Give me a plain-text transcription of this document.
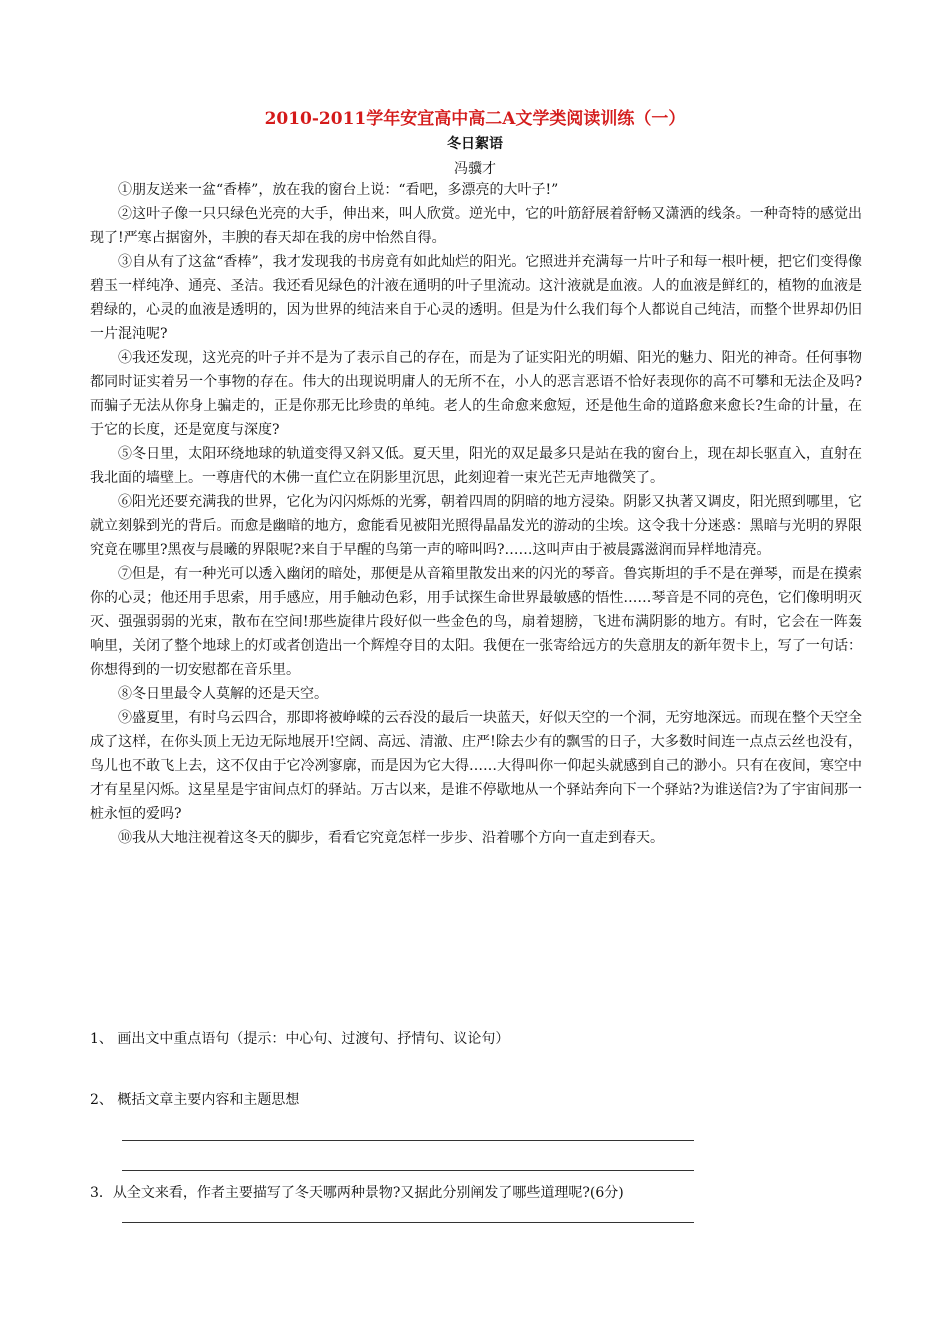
2010-2011学年安宜高中高二A文学类阅读训练（一）
冬日絮语
冯骥才

①朋友送来一盆“香棒”，放在我的窗台上说：“看吧，多漂亮的大叶子!”

②这叶子像一只只绿色光亮的大手，伸出来，叫人欣赏。逆光中，它的叶筋舒展着舒畅又潇洒的线条。一种奇特的感觉出现了!严寒占据窗外，丰腴的春天却在我的房中怡然自得。

③自从有了这盆“香棒”，我才发现我的书房竟有如此灿烂的阳光。它照进并充满每一片叶子和每一根叶梗，把它们变得像碧玉一样纯净、通亮、圣洁。我还看见绿色的汁液在通明的叶子里流动。这汁液就是血液。人的血液是鲜红的，植物的血液是碧绿的，心灵的血液是透明的，因为世界的纯洁来自于心灵的透明。但是为什么我们每个人都说自己纯洁，而整个世界却仍旧一片混沌呢?

④我还发现，这光亮的叶子并不是为了表示自己的存在，而是为了证实阳光的明媚、阳光的魅力、阳光的神奇。任何事物都同时证实着另一个事物的存在。伟大的出现说明庸人的无所不在，小人的恶言恶语不恰好表现你的高不可攀和无法企及吗?而骗子无法从你身上骗走的，正是你那无比珍贵的单纯。老人的生命愈来愈短，还是他生命的道路愈来愈长?生命的计量，在于它的长度，还是宽度与深度?

⑤冬日里，太阳环绕地球的轨道变得又斜又低。夏天里，阳光的双足最多只是站在我的窗台上，现在却长驱直入，直射在我北面的墙壁上。一尊唐代的木佛一直伫立在阴影里沉思，此刻迎着一束光芒无声地微笑了。

⑥阳光还要充满我的世界，它化为闪闪烁烁的光雾，朝着四周的阴暗的地方浸染。阴影又执著又调皮，阳光照到哪里，它就立刻躲到光的背后。而愈是幽暗的地方，愈能看见被阳光照得晶晶发光的游动的尘埃。这令我十分迷惑：黑暗与光明的界限究竟在哪里?黑夜与晨曦的界限呢?来自于早醒的鸟第一声的啼叫吗?……这叫声由于被晨露滋润而异样地清亮。

⑦但是，有一种光可以透入幽闭的暗处，那便是从音箱里散发出来的闪光的琴音。鲁宾斯坦的手不是在弹琴，而是在摸索你的心灵；他还用手思索，用手感应，用手触动色彩，用手试探生命世界最敏感的悟性……琴音是不同的亮色，它们像明明灭灭、强强弱弱的光束，散布在空间!那些旋律片段好似一些金色的鸟，扇着翅膀，飞进布满阴影的地方。有时，它会在一阵轰响里，关闭了整个地球上的灯或者创造出一个辉煌夺目的太阳。我便在一张寄给远方的失意朋友的新年贺卡上，写了一句话： 你想得到的一切安慰都在音乐里。

⑧冬日里最令人莫解的还是天空。

⑨盛夏里，有时乌云四合，那即将被峥嵘的云吞没的最后一块蓝天，好似天空的一个洞，无穷地深远。而现在整个天空全成了这样，在你头顶上无边无际地展开!空阔、高远、清澈、庄严!除去少有的飘雪的日子，大多数时间连一点点云丝也没有，鸟儿也不敢飞上去，这不仅由于它冷冽寥廓，而是因为它大得……大得叫你一仰起头就感到自己的渺小。只有在夜间，寒空中才有星星闪烁。这星星是宇宙间点灯的驿站。万古以来，是谁不停歇地从一个驿站奔向下一个驿站?为谁送信?为了宇宙间那一桩永恒的爱吗?

⑩我从大地注视着这冬天的脚步，看看它究竟怎样一步步、沿着哪个方向一直走到春天。

1、 画出文中重点语句（提示：中心句、过渡句、抒情句、议论句）
2、 概括文章主要内容和主题思想
3．从全文来看，作者主要描写了冬天哪两种景物?又据此分别阐发了哪些道理呢?(6分)
